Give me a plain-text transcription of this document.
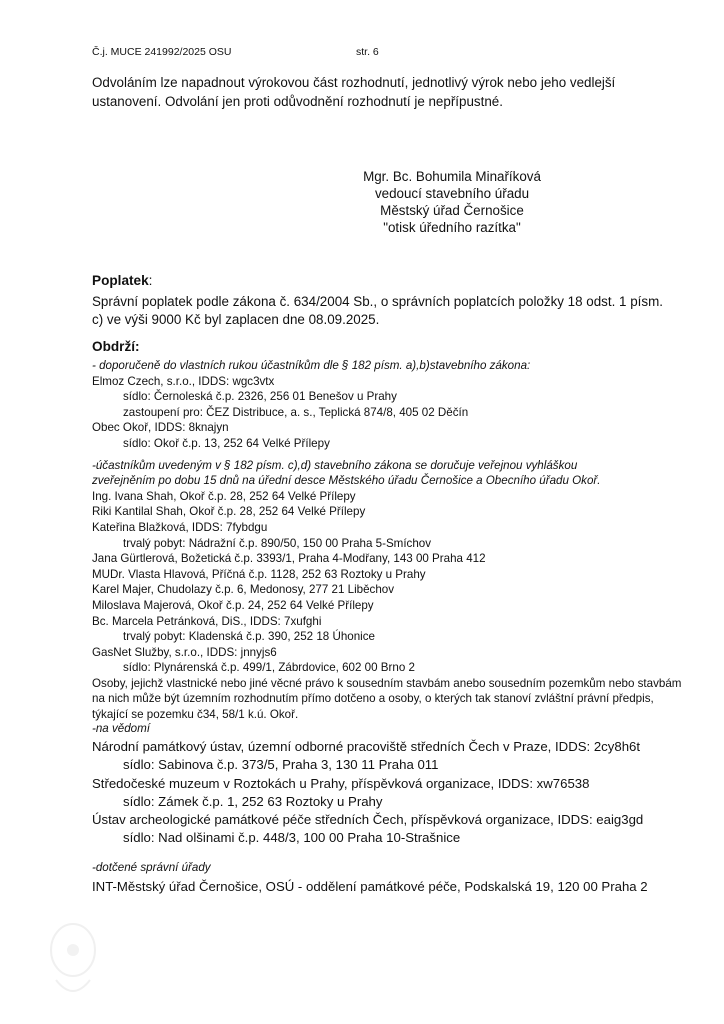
Č.j. MUCE 241992/2025 OSU	str. 6
Odvoláním lze napadnout výrokovou část rozhodnutí, jednotlivý výrok nebo jeho vedlejší ustanovení. Odvolání jen proti odůvodnění rozhodnutí je nepřípustné.
Mgr. Bc. Bohumila Minaříková
vedoucí stavebního úřadu
Městský úřad Černošice
"otisk úředního razítka"
Poplatek:
Správní poplatek podle zákona č. 634/2004 Sb., o správních poplatcích položky 18 odst. 1 písm. c) ve výši 9000 Kč byl zaplacen dne 08.09.2025.
Obdrží:
- doporučeně do vlastních rukou účastníkům dle § 182 písm. a),b)stavebního zákona:
Elmoz Czech, s.r.o., IDDS: wgc3vtx
sídlo: Černoleská č.p. 2326, 256 01 Benešov u Prahy
zastoupení pro: ČEZ Distribuce, a. s., Teplická 874/8, 405 02 Děčín
Obec Okoř, IDDS: 8knajyn
sídlo: Okoř č.p. 13, 252 64 Velké Přílepy
-účastníkům uvedeným v § 182 písm. c),d) stavebního zákona se doručuje veřejnou vyhláškou
zveřejněním po dobu 15 dnů na úřední desce Městského úřadu Černošice a Obecního úřadu Okoř.
Ing. Ivana Shah, Okoř č.p. 28, 252 64 Velké Přílepy
Riki Kantilal Shah, Okoř č.p. 28, 252 64 Velké Přílepy
Kateřina Blažková, IDDS: 7fybdgu
trvalý pobyt: Nádražní č.p. 890/50, 150 00 Praha 5-Smíchov
Jana Gürtlerová, Božetická č.p. 3393/1, Praha 4-Modřany, 143 00 Praha 412
MUDr. Vlasta Hlavová, Příčná č.p. 1128, 252 63 Roztoky u Prahy
Karel Majer, Chudolazy č.p. 6, Medonosy, 277 21 Liběchov
Miloslava Majerová, Okoř č.p. 24, 252 64 Velké Přílepy
Bc. Marcela Petránková, DiS., IDDS: 7xufghi
trvalý pobyt: Kladenská č.p. 390, 252 18 Úhonice
GasNet Služby, s.r.o., IDDS: jnnyjs6
sídlo: Plynárenská č.p. 499/1, Zábrdovice, 602 00 Brno 2
Osoby, jejichž vlastnické nebo jiné věcné právo k sousedním stavbám anebo sousedním pozemkům nebo stavbám na nich může být územním rozhodnutím přímo dotčeno a osoby, o kterých tak stanoví zvláštní právní předpis, týkající se pozemku č34, 58/1 k.ú. Okoř.
-na vědomí
Národní památkový ústav, územní odborné pracoviště středních Čech v Praze, IDDS: 2cy8h6t
sídlo: Sabinova č.p. 373/5, Praha 3, 130 11 Praha 011
Středočeské muzeum v Roztokách u Prahy, příspěvková organizace, IDDS: xw76538
sídlo: Zámek č.p. 1, 252 63 Roztoky u Prahy
Ústav archeologické památkové péče středních Čech, příspěvková organizace, IDDS: eaig3gd
sídlo: Nad olšinami č.p. 448/3, 100 00 Praha 10-Strašnice
-dotčené správní úřady
INT-Městský úřad Černošice, OSÚ - oddělení památkové péče, Podskalská 19, 120 00 Praha 2
